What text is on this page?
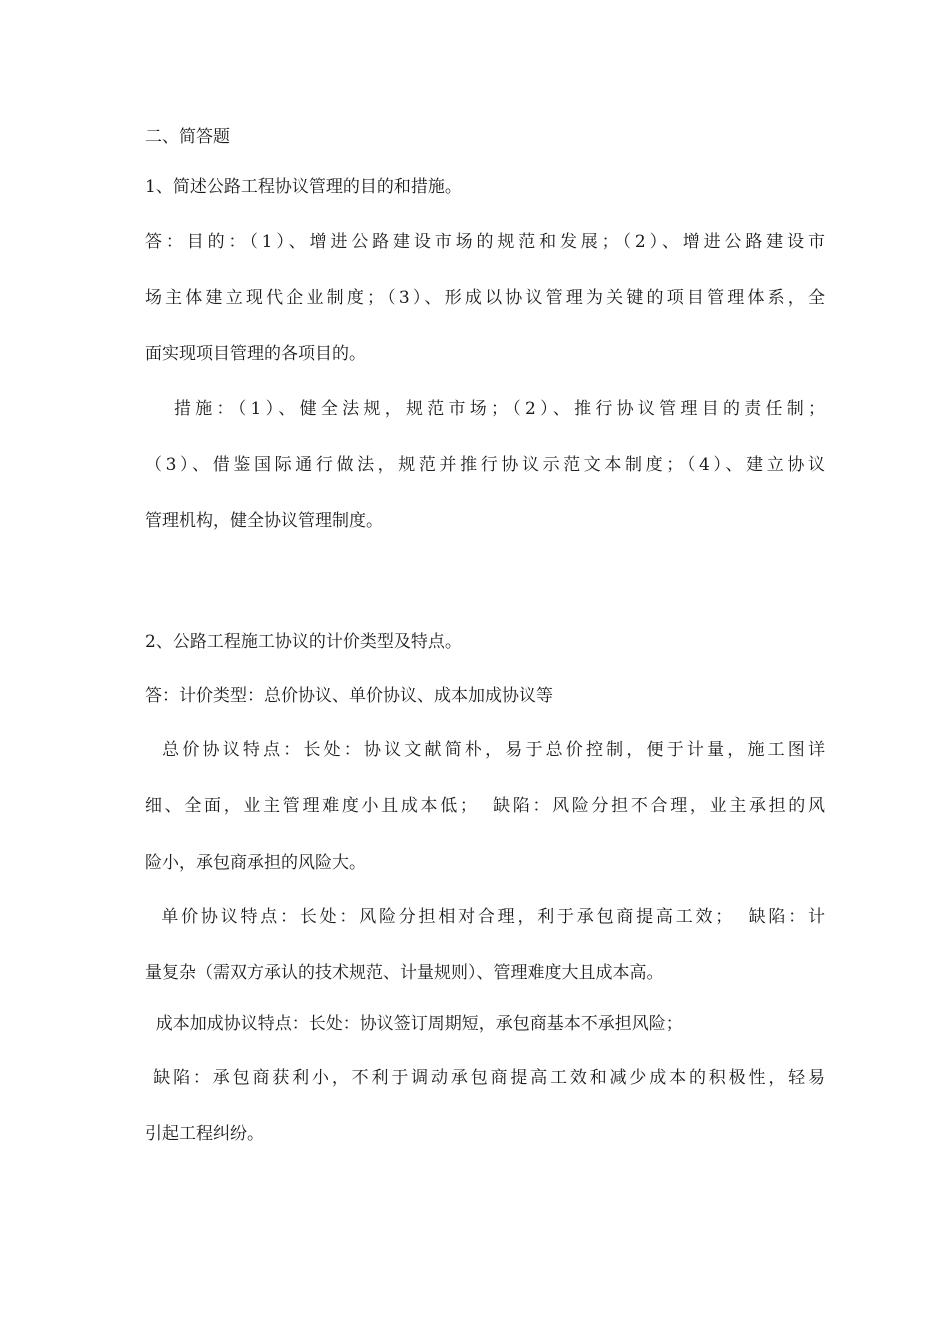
二、简答题
1、简述公路工程协议管理的目的和措施。
答：目的：（1）、增进公路建设市场的规范和发展；（2）、增进公路建设市
场主体建立现代企业制度；（3）、形成以协议管理为关键的项目管理体系，全
面实现项目管理的各项目的。
措施：（1）、健全法规，规范市场；（2）、推行协议管理目的责任制；
（3）、借鉴国际通行做法，规范并推行协议示范文本制度；（4）、建立协议
管理机构，健全协议管理制度。
2、公路工程施工协议的计价类型及特点。
答：计价类型：总价协议、单价协议、成本加成协议等
总价协议特点：长处：协议文献简朴，易于总价控制，便于计量，施工图详
细、全面，业主管理难度小且成本低；  缺陷：风险分担不合理，业主承担的风
险小，承包商承担的风险大。
单价协议特点：长处：风险分担相对合理，利于承包商提高工效；  缺陷：计
量复杂（需双方承认的技术规范、计量规则）、管理难度大且成本高。
成本加成协议特点：长处：协议签订周期短，承包商基本不承担风险；
缺陷：承包商获利小，不利于调动承包商提高工效和减少成本的积极性，轻易
引起工程纠纷。
